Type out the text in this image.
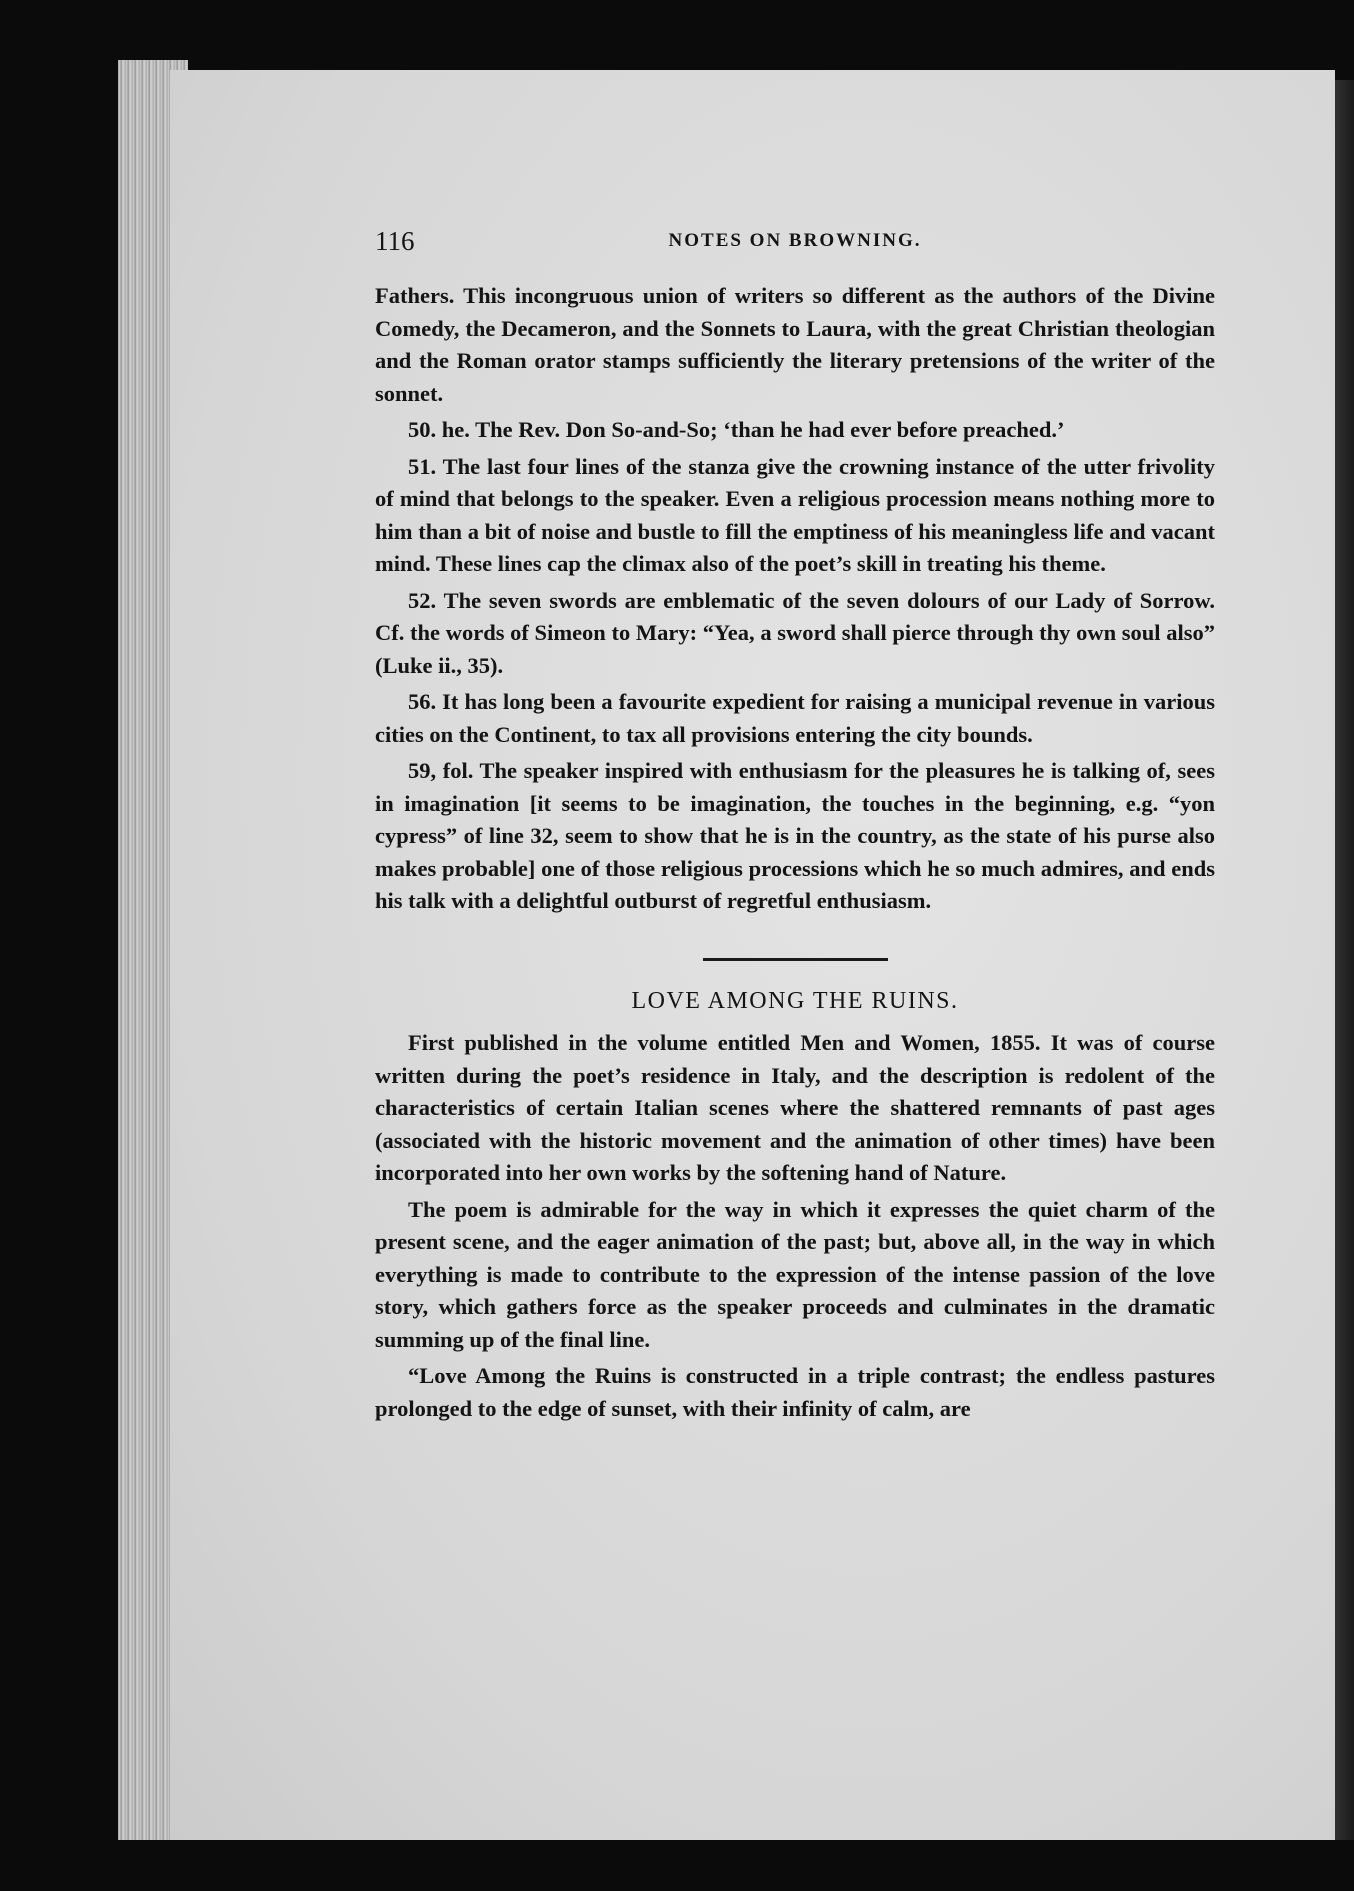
116	NOTES ON BROWNING.

Fathers. This incongruous union of writers so different as the authors of the Divine Comedy, the Decameron, and the Sonnets to Laura, with the great Christian theologian and the Roman orator stamps sufficiently the literary pretensions of the writer of the sonnet.

50. he. The Rev. Don So-and-So; ‘than he had ever before preached.’

51. The last four lines of the stanza give the crowning instance of the utter frivolity of mind that belongs to the speaker. Even a religious procession means nothing more to him than a bit of noise and bustle to fill the emptiness of his meaningless life and vacant mind. These lines cap the climax also of the poet’s skill in treating his theme.

52. The seven swords are emblematic of the seven dolours of our Lady of Sorrow. Cf. the words of Simeon to Mary: “Yea, a sword shall pierce through thy own soul also” (Luke ii., 35).

56. It has long been a favourite expedient for raising a municipal revenue in various cities on the Continent, to tax all provisions entering the city bounds.

59, fol. The speaker inspired with enthusiasm for the pleasures he is talking of, sees in imagination [it seems to be imagination, the touches in the beginning, e.g. “yon cypress” of line 32, seem to show that he is in the country, as the state of his purse also makes probable] one of those religious processions which he so much admires, and ends his talk with a delightful outburst of regretful enthusiasm.

LOVE AMONG THE RUINS.

First published in the volume entitled Men and Women, 1855. It was of course written during the poet’s residence in Italy, and the description is redolent of the characteristics of certain Italian scenes where the shattered remnants of past ages (associated with the historic movement and the animation of other times) have been incorporated into her own works by the softening hand of Nature.

The poem is admirable for the way in which it expresses the quiet charm of the present scene, and the eager animation of the past; but, above all, in the way in which everything is made to contribute to the expression of the intense passion of the love story, which gathers force as the speaker proceeds and culminates in the dramatic summing up of the final line.

“Love Among the Ruins is constructed in a triple contrast; the endless pastures prolonged to the edge of sunset, with their infinity of calm, are
